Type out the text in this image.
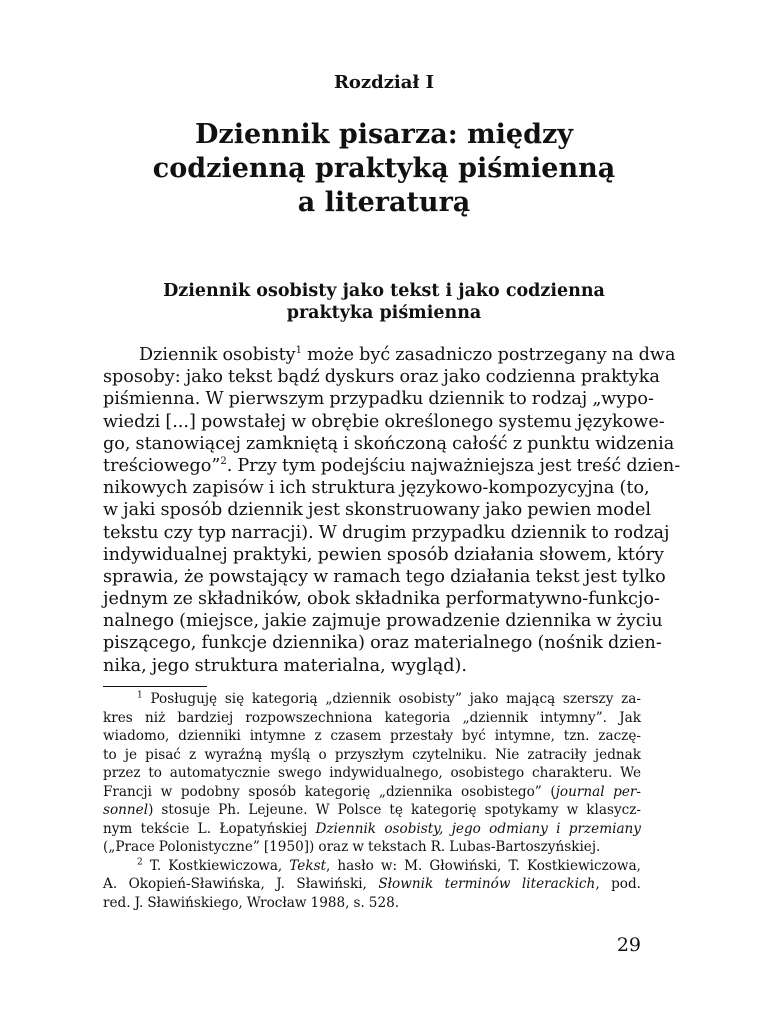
Rozdział I
Dziennik pisarza: między
codzienną praktyką piśmienną
a literaturą
Dziennik osobisty jako tekst i jako codzienna
praktyka piśmienna
Dziennik osobisty$^1$ może być zasadniczo postrzegany na dwa
sposoby: jako tekst bądź dyskurs oraz jako codzienna praktyka
piśmienna. W pierwszym przypadku dziennik to rodzaj „wypo-
wiedzi [...] powstałej w obrębie określonego systemu językowe-
go, stanowiącej zamkniętą i skończoną całość z punktu widzenia
treściowego”$^2$. Przy tym podejściu najważniejsza jest treść dzien-
nikowych zapisów i ich struktura językowo-kompozycyjna (to,
w jaki sposób dziennik jest skonstruowany jako pewien model
tekstu czy typ narracji). W drugim przypadku dziennik to rodzaj
indywidualnej praktyki, pewien sposób działania słowem, który
sprawia, że powstający w ramach tego działania tekst jest tylko
jednym ze składników, obok składnika performatywno-funkcjo-
nalnego (miejsce, jakie zajmuje prowadzenie dziennika w życiu
piszącego, funkcje dziennika) oraz materialnego (nośnik dzien-
nika, jego struktura materialna, wygląd).
$^1$ Posługuję się kategorią „dziennik osobisty” jako mającą szerszy za-
kres niż bardziej rozpowszechniona kategoria „dziennik intymny”. Jak
wiadomo, dzienniki intymne z czasem przestały być intymne, tzn. zaczę-
to je pisać z wyraźną myślą o przyszłym czytelniku. Nie zatraciły jednak
przez to automatycznie swego indywidualnego, osobistego charakteru. We
Francji w podobny sposób kategorię „dziennika osobistego” (journal per-
sonnel) stosuje Ph. Lejeune. W Polsce tę kategorię spotykamy w klasycz-
nym tekście L. Łopatyńskiej Dziennik osobisty, jego odmiany i przemiany
(„Prace Polonistyczne” [1950]) oraz w tekstach R. Lubas-Bartoszyńskiej.
$^2$ T. Kostkiewiczowa, Tekst, hasło w: M. Głowiński, T. Kostkiewiczowa,
A. Okopień-Sławińska, J. Sławiński, Słownik terminów literackich, pod.
red. J. Sławińskiego, Wrocław 1988, s. 528.
29
